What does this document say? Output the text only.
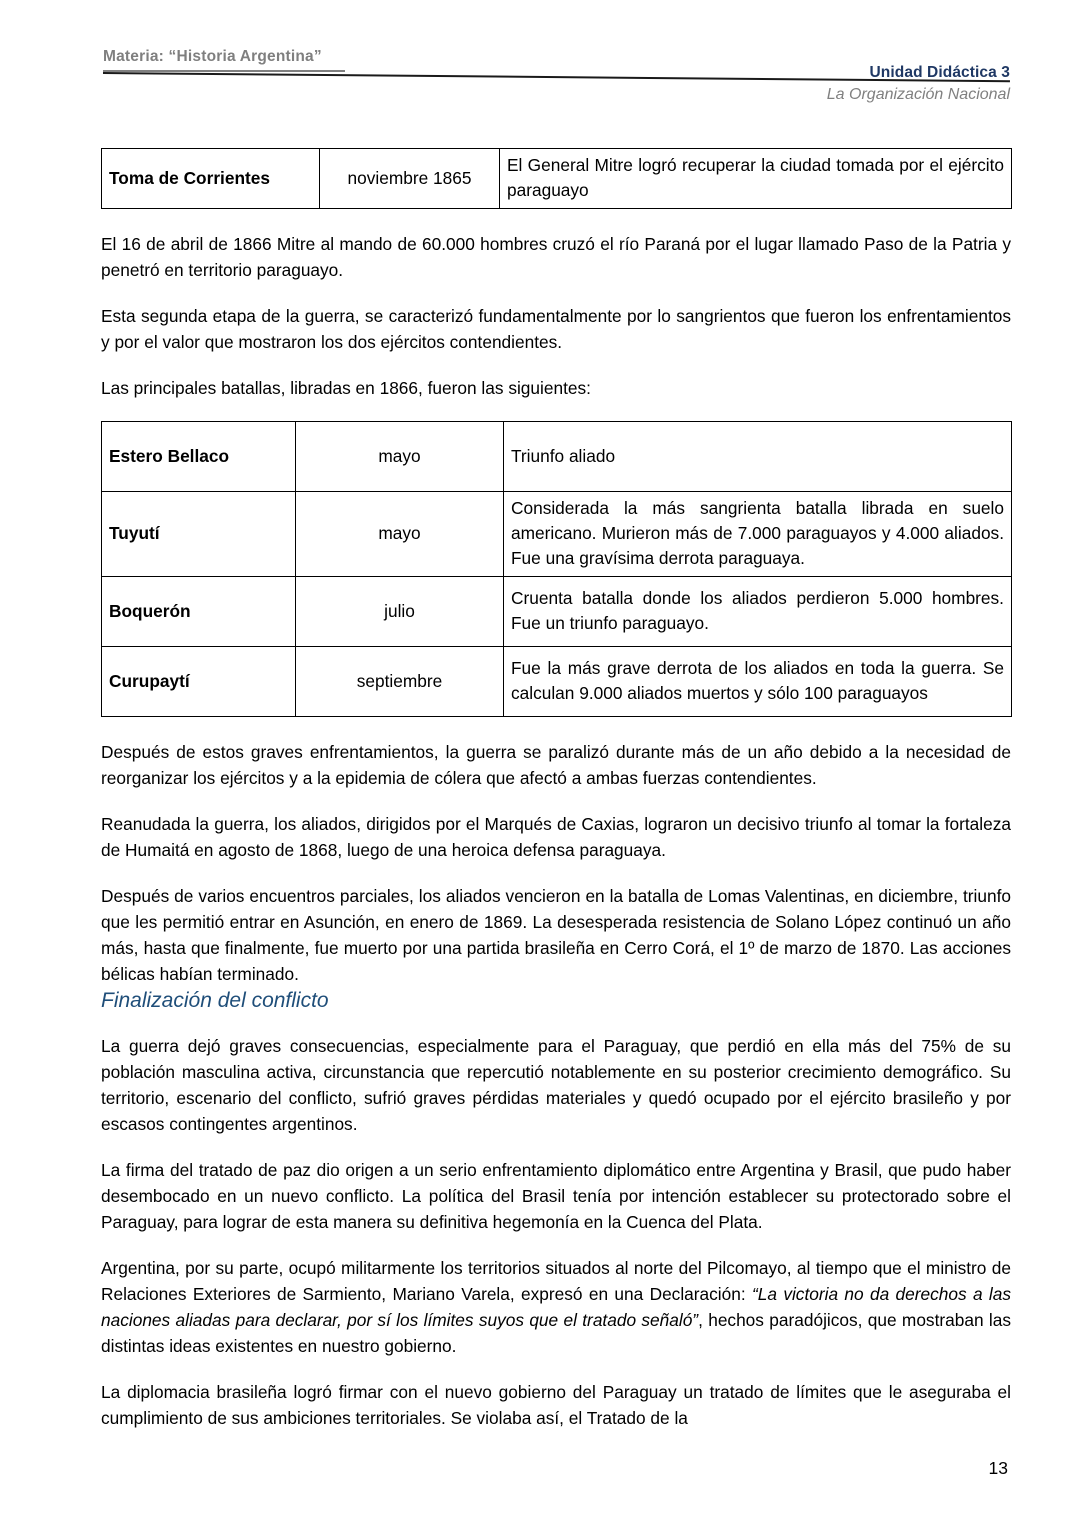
Materia: “Historia Argentina”
Unidad Didáctica 3
La Organización Nacional
Toma de Corrientes	noviembre 1865	El General Mitre logró recuperar la ciudad tomada por el ejército paraguayo

El 16 de abril de 1866 Mitre al mando de 60.000 hombres cruzó el río Paraná por el lugar llamado Paso de la Patria y penetró en territorio paraguayo.

Esta segunda etapa de la guerra, se caracterizó fundamentalmente por lo sangrientos que fueron los enfrentamientos y por el valor que mostraron los dos ejércitos contendientes.

Las principales batallas, libradas en 1866, fueron las siguientes:

Estero Bellaco	mayo	Triunfo aliado
Tuyutí	mayo	Considerada la más sangrienta batalla librada en suelo americano. Murieron más de 7.000 paraguayos y 4.000 aliados. Fue una gravísima derrota paraguaya.
Boquerón	julio	Cruenta batalla donde los aliados perdieron 5.000 hombres. Fue un triunfo paraguayo.
Curupaytí	septiembre	Fue la más grave derrota de los aliados en toda la guerra. Se calculan 9.000 aliados muertos y sólo 100 paraguayos

Después de estos graves enfrentamientos, la guerra se paralizó durante más de un año debido a la necesidad de reorganizar los ejércitos y a la epidemia de cólera que afectó a ambas fuerzas contendientes.

Reanudada la guerra, los aliados, dirigidos por el Marqués de Caxias, lograron un decisivo triunfo al tomar la fortaleza de Humaitá en agosto de 1868, luego de una heroica defensa paraguaya.

Después de varios encuentros parciales, los aliados vencieron en la batalla de Lomas Valentinas, en diciembre, triunfo que les permitió entrar en Asunción, en enero de 1869. La desesperada resistencia de Solano López continuó un año más, hasta que finalmente, fue muerto por una partida brasileña en Cerro Corá, el 1º de marzo de 1870. Las acciones bélicas habían terminado.

Finalización del conflicto

La guerra dejó graves consecuencias, especialmente para el Paraguay, que perdió en ella más del 75% de su población masculina activa, circunstancia que repercutió notablemente en su posterior crecimiento demográfico. Su territorio, escenario del conflicto, sufrió graves pérdidas materiales y quedó ocupado por el ejército brasileño y por escasos contingentes argentinos.

La firma del tratado de paz dio origen a un serio enfrentamiento diplomático entre Argentina y Brasil, que pudo haber desembocado en un nuevo conflicto. La política del Brasil tenía por intención establecer su protectorado sobre el Paraguay, para lograr de esta manera su definitiva hegemonía en la Cuenca del Plata.

Argentina, por su parte, ocupó militarmente los territorios situados al norte del Pilcomayo, al tiempo que el ministro de Relaciones Exteriores de Sarmiento, Mariano Varela, expresó en una Declaración: “La victoria no da derechos a las naciones aliadas para declarar, por sí los límites suyos que el tratado señaló”, hechos paradójicos, que mostraban las distintas ideas existentes en nuestro gobierno.

La diplomacia brasileña logró firmar con el nuevo gobierno del Paraguay un tratado de límites que le aseguraba el cumplimiento de sus ambiciones territoriales. Se violaba así, el Tratado de la

13
